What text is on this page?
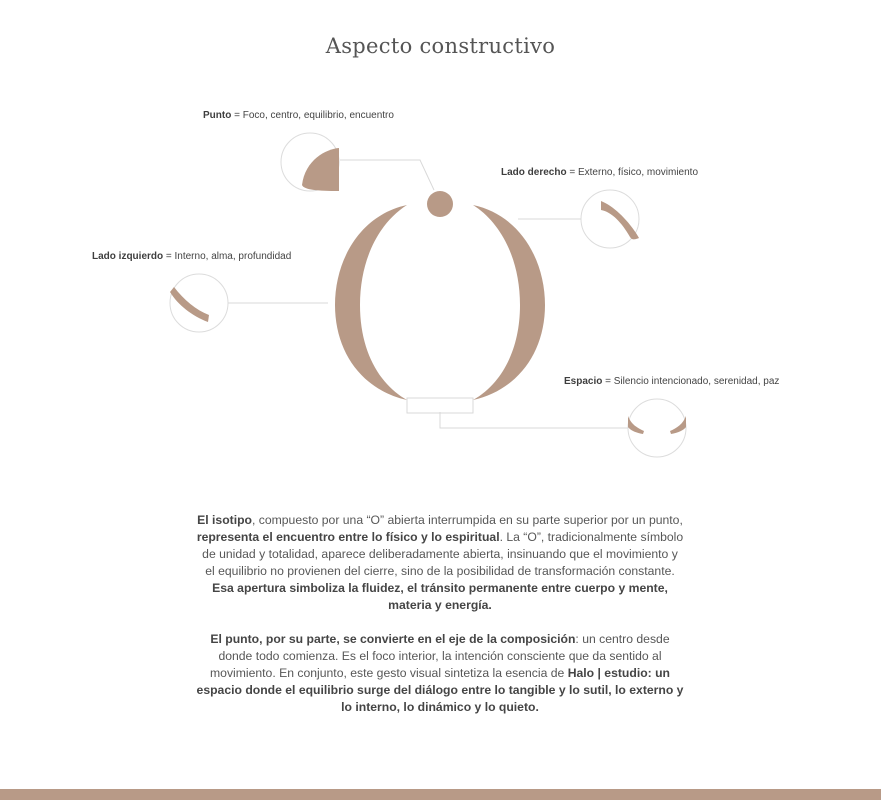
Aspecto constructivo
Punto = Foco, centro, equilibrio, encuentro
Lado derecho = Externo, físico, movimiento
Lado izquierdo = Interno, alma, profundidad
Espacio = Silencio intencionado, serenidad, paz
El isotipo, compuesto por una “O” abierta interrumpida en su parte superior por un punto, representa el encuentro entre lo físico y lo espiritual. La “O”, tradicionalmente símbolo de unidad y totalidad, aparece deliberadamente abierta, insinuando que el movimiento y el equilibrio no provienen del cierre, sino de la posibilidad de transformación constante. Esa apertura simboliza la fluidez, el tránsito permanente entre cuerpo y mente, materia y energía.
El punto, por su parte, se convierte en el eje de la composición: un centro desde donde todo comienza. Es el foco interior, la intención consciente que da sentido al movimiento. En conjunto, este gesto visual sintetiza la esencia de Halo | estudio: un espacio donde el equilibrio surge del diálogo entre lo tangible y lo sutil, lo externo y lo interno, lo dinámico y lo quieto.
